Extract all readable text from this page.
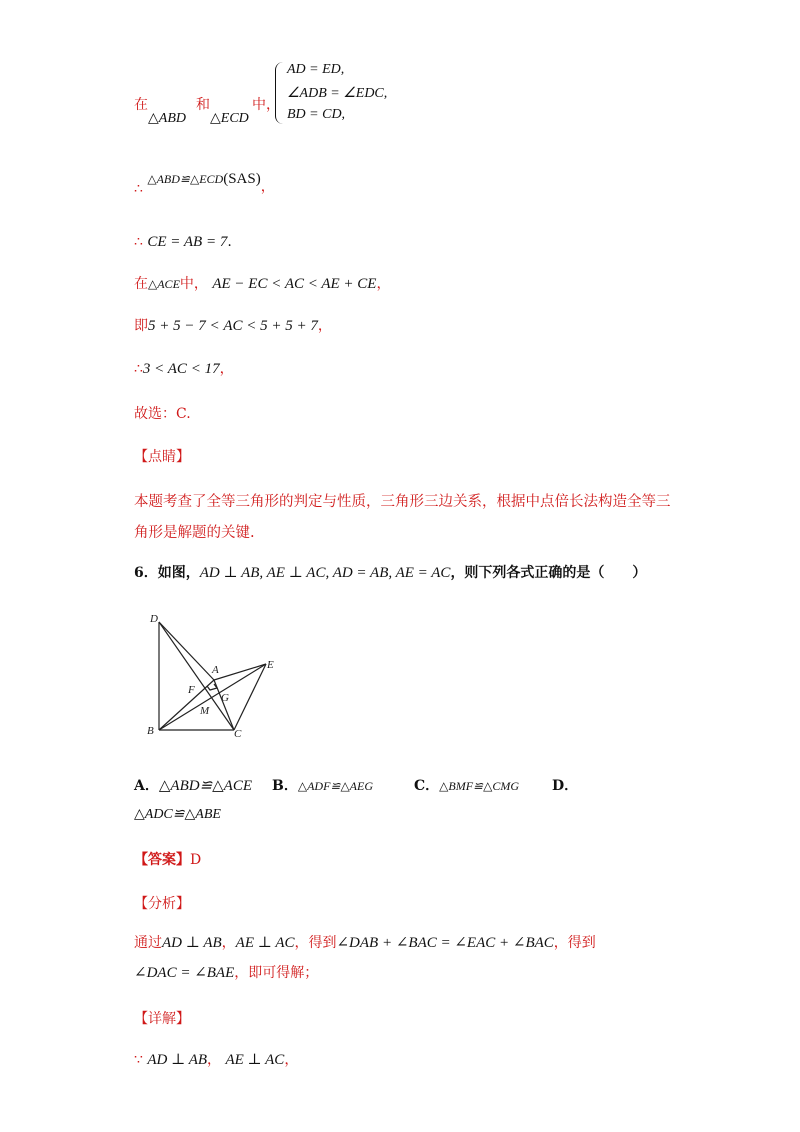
在	和	中，
△ABD △ECD
AD = ED,
∠ADB = ∠EDC,
BD = CD,
∴ △ABD≌△ECD(SAS)，
∴ CE = AB = 7.
在△ACE中， AE − EC < AC < AE + CE，
即5 + 5 − 7 < AC < 5 + 5 + 7，
∴3 < AC < 17，
故选：C.
【点睛】
本题考查了全等三角形的判定与性质，三角形三边关系，根据中点倍长法构造全等三
角形是解题的关键.
6．如图，AD ⊥ AB, AE ⊥ AC, AD = AB, AE = AC，则下列各式正确的是（　　）
D
A	E
F
G
M
B	C
A．△ABD≌△ACE B．△ADF≌△AEG	C．△BMF≌△CMG D．
△ADC≌△ABE
【答案】D
【分析】
通过AD ⊥ AB，AE ⊥ AC，得到∠DAB + ∠BAC = ∠EAC + ∠BAC，得到
∠DAC = ∠BAE，即可得解；
【详解】
∵ AD ⊥ AB， AE ⊥ AC，
